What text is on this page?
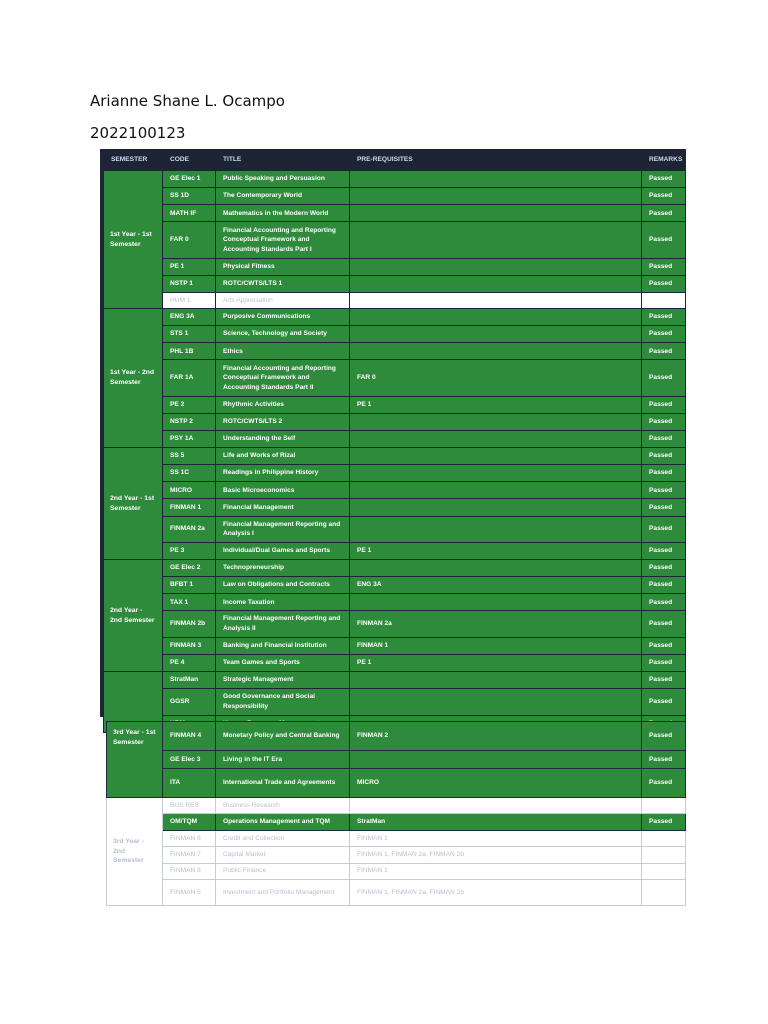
Arianne Shane L. Ocampo
2022100123
SEMESTER	CODE	TITLE	PRE-REQUISITES	REMARKS
1st Year - 1st Semester	GE Elec 1	Public Speaking and Persuasion		Passed
	SS 1D	The Contemporary World		Passed
	MATH IF	Mathematics in the Modern World		Passed
	FAR 0	Financial Accounting and Reporting Conceptual Framework and Accounting Standards Part I		Passed
	PE 1	Physical Fitness		Passed
	NSTP 1	ROTC/CWTS/LTS 1		Passed
	HUM 1	Arts Appreciation		
1st Year - 2nd Semester	ENG 3A	Purposive Communications		Passed
	STS 1	Science, Technology and Society		Passed
	PHL 1B	Ethics		Passed
	FAR 1A	Financial Accounting and Reporting Conceptual Framework and Accounting Standards Part II	FAR 0	Passed
	PE 2	Rhythmic Activities	PE 1	Passed
	NSTP 2	ROTC/CWTS/LTS 2		Passed
	PSY 1A	Understanding the Self		Passed
2nd Year - 1st Semester	SS 5	Life and Works of Rizal		Passed
	SS 1C	Readings in Philippine History		Passed
	MICRO	Basic Microeconomics		Passed
	FINMAN 1	Financial Management		Passed
	FINMAN 2a	Financial Management Reporting and Analysis I		Passed
	PE 3	Individual/Dual Games and Sports	PE 1	Passed
2nd Year - 2nd Semester	GE Elec 2	Technopreneurship		Passed
	BFBT 1	Law on Obligations and Contracts	ENG 3A	Passed
	TAX 1	Income Taxation		Passed
	FINMAN 2b	Financial Management Reporting and Analysis II	FINMAN 2a	Passed
	FINMAN 3	Banking and Financial Institution	FINMAN 1	Passed
	PE 4	Team Games and Sports	PE 1	Passed
	StratMan	Strategic Management		Passed
	GGSR	Good Governance and Social Responsibility		Passed

3rd Year - 1st Semester	FINMAN 4	Monetary Policy and Central Banking	FINMAN 2	Passed
	GE Elec 3	Living in the IT Era		Passed
	ITA	International Trade and Agreements	MICRO	Passed
3rd Year - 2nd Semester	BUS RES	Business Research		
	OM/TQM	Operations Management and TQM	StratMan	Passed
	FINMAN 6	Credit and Collection	FINMAN 1	
	FINMAN 7	Capital Market	FINMAN 1, FINMAN 2a, FINMAN 2b	
	FINMAN 8	Public Finance	FINMAN 1	
	FINMAN 5	Investment and Portfolio Management	FINMAN 1, FINMAN 2a, FINMAN 2b	
